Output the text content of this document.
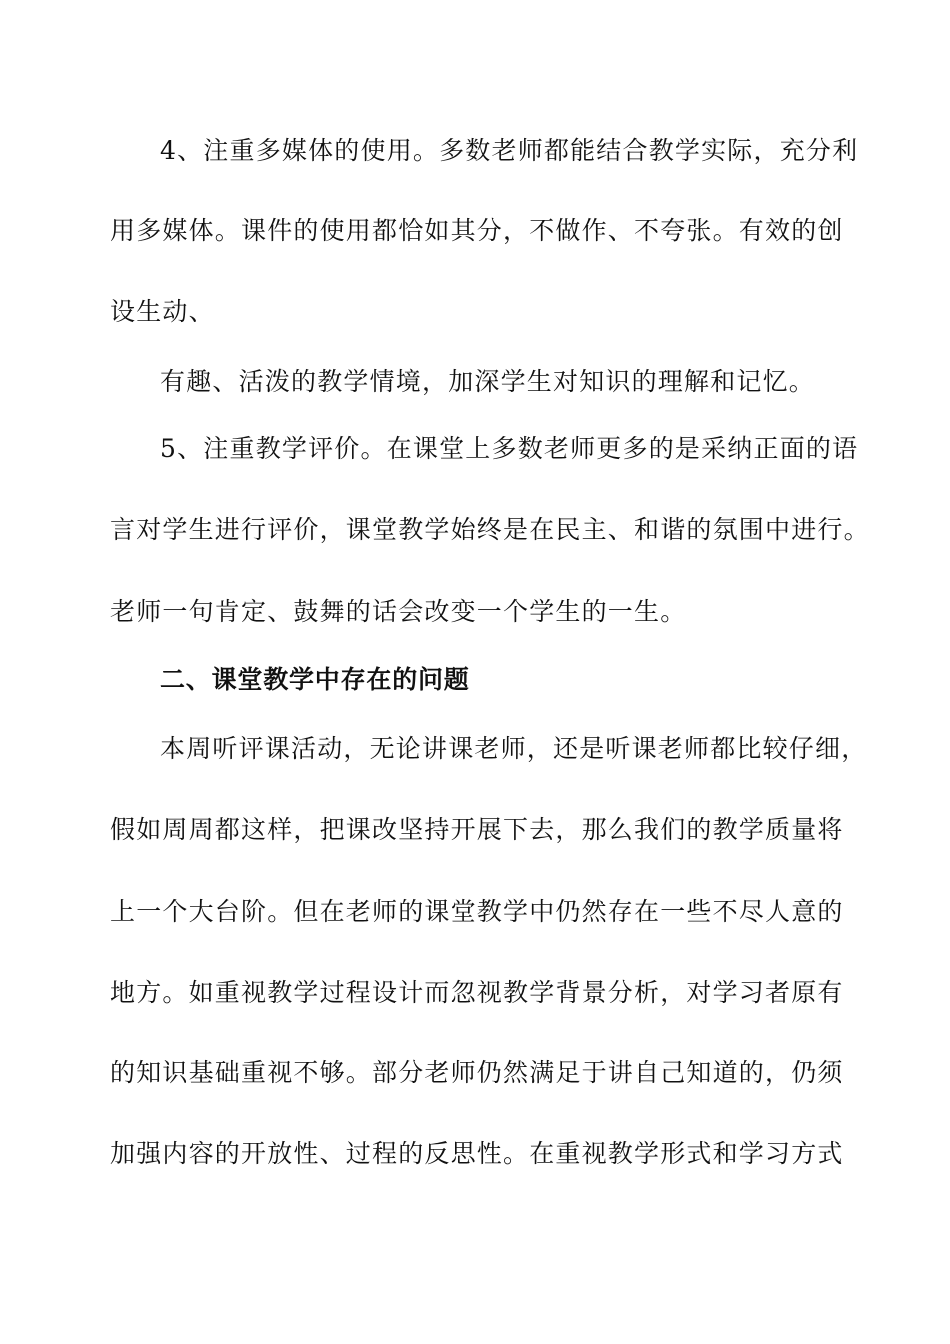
4、注重多媒体的使用。多数老师都能结合教学实际，充分利
用多媒体。课件的使用都恰如其分，不做作、不夸张。有效的创
设生动、
有趣、活泼的教学情境，加深学生对知识的理解和记忆。
5、注重教学评价。在课堂上多数老师更多的是采纳正面的语
言对学生进行评价，课堂教学始终是在民主、和谐的氛围中进行。
老师一句肯定、鼓舞的话会改变一个学生的一生。
二、课堂教学中存在的问题
本周听评课活动，无论讲课老师，还是听课老师都比较仔细，
假如周周都这样，把课改坚持开展下去，那么我们的教学质量将
上一个大台阶。但在老师的课堂教学中仍然存在一些不尽人意的
地方。如重视教学过程设计而忽视教学背景分析，对学习者原有
的知识基础重视不够。部分老师仍然满足于讲自己知道的，仍须
加强内容的开放性、过程的反思性。在重视教学形式和学习方式
